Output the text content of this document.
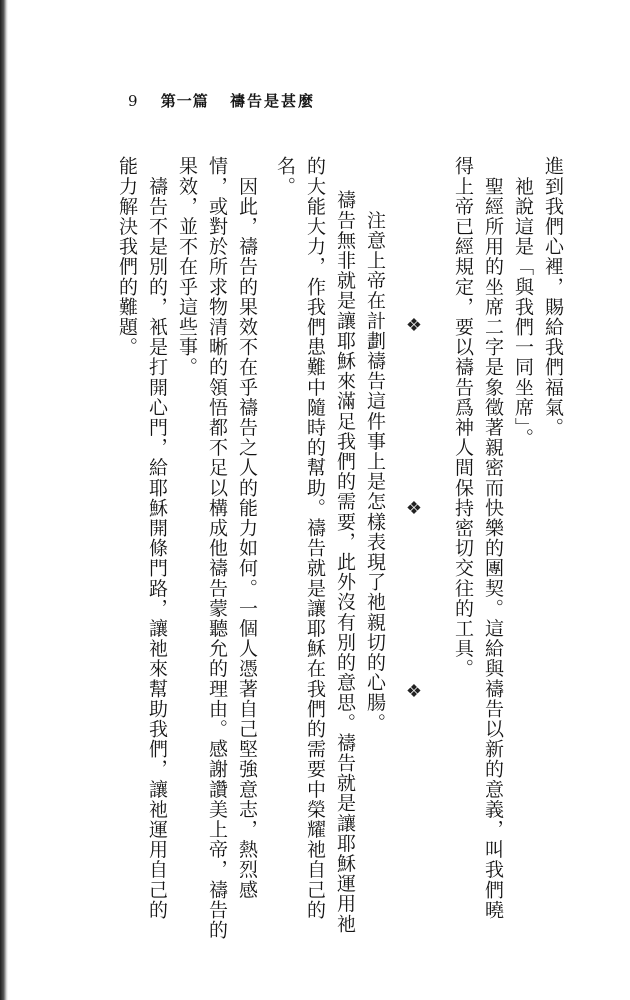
9 第一篇 禱告是甚麼
進到我們心裡，賜給我們福氣。
　祂說這是「與我們一同坐席」。
　聖經所用的坐席二字是象徵著親密而快樂的團契。這給與禱告以新的意義，叫我們曉
得上帝已經規定，要以禱告爲神人間保持密切交往的工具。
　注意上帝在計劃禱告這件事上是怎樣表現了祂親切的心腸。
禱告無非就是讓耶穌來滿足我們的需要，此外沒有別的意思。禱告就是讓耶穌運用祂
的大能大力，作我們患難中隨時的幫助。禱告就是讓耶穌在我們的需要中榮耀祂自己的
名。
　因此，禱告的果效不在乎禱告之人的能力如何。一個人憑著自己堅強意志，熱烈感
情，或對於所求物清晰的領悟都不足以構成他禱告蒙聽允的理由。感謝讚美上帝，禱告的
果效，並不在乎這些事。
　禱告不是別的，衹是打開心門，給耶穌開條門路，讓祂來幫助我們，讓祂運用自己的
能力解決我們的難題。	❖
❖
❖
